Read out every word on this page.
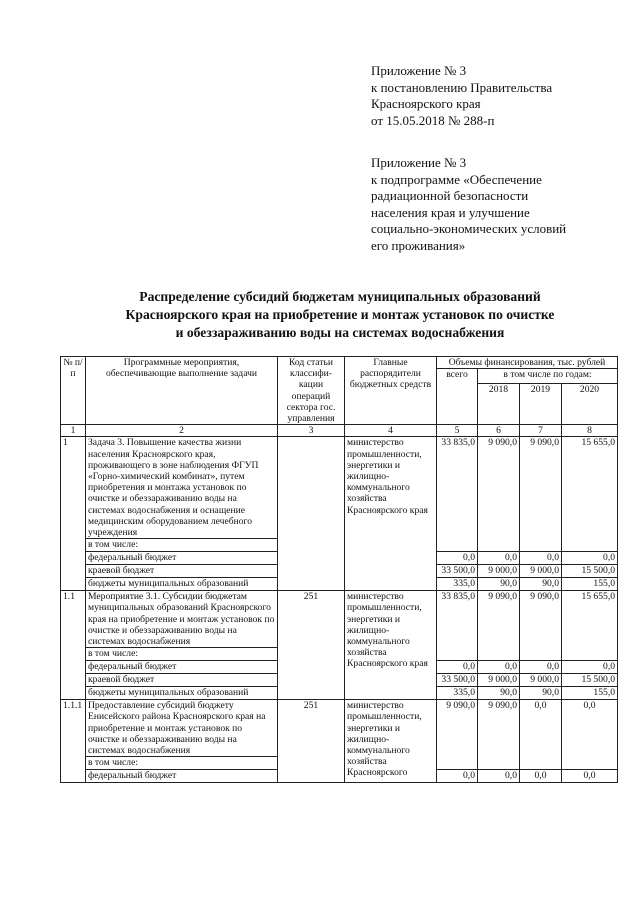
Приложение № 3
к постановлению Правительства
Красноярского края
от 15.05.2018 № 288-п
Приложение № 3
к подпрограмме «Обеспечение
радиационной безопасности
населения края и улучшение
социально-экономических условий
его проживания»
Распределение субсидий бюджетам муниципальных образований
Красноярского края на приобретение и монтаж установок по очистке
и обеззараживанию воды на системах водоснабжения
№ п/п	Программные мероприятия, обеспечивающие выполнение задачи	Код статьи классифи- кации операций сектора гос. управления	Главные распорядители бюджетных средств	Объемы финансирования, тыс. рублей			
				всего	в том числе по годам:		
					2018	2019	2020
1	2	3	4	5	6	7	8
1	Задача 3. Повышение качества жизни населения Красноярского края, проживающего в зоне наблюдения ФГУП «Горно-химический комбинат», путем приобретения и монтажа установок по очистке и обеззараживанию воды на системах водоснабжения и оснащение медицинским оборудованием лечебного учреждения		министерство промышленности, энергетики и жилищно-коммунального хозяйства Красноярского края	33 835,0	9 090,0	9 090,0	15 655,0
	в том числе:						
	федеральный бюджет			0,0	0,0	0,0	0,0
	краевой бюджет			33 500,0	9 000,0	9 000,0	15 500,0
	бюджеты муниципальных образований			335,0	90,0	90,0	155,0
1.1	Мероприятие 3.1. Субсидии бюджетам муниципальных образований Красноярского края на приобретение и монтаж установок по очистке и обеззараживанию воды на системах водоснабжения	251	министерство промышленности, энергетики и жилищно-коммунального хозяйства Красноярского края	33 835,0	9 090,0	9 090,0	15 655,0
	в том числе:						
	федеральный бюджет			0,0	0,0	0,0	0,0
	краевой бюджет			33 500,0	9 000,0	9 000,0	15 500,0
	бюджеты муниципальных образований			335,0	90,0	90,0	155,0
1.1.1	Предоставление субсидий бюджету Енисейского района Красноярского края на приобретение и монтаж установок по очистке и обеззараживанию воды на системах водоснабжения	251	министерство промышленности, энергетики и жилищно-коммунального хозяйства Красноярского	9 090,0	9 090,0	0,0	0,0
	в том числе:						
	федеральный бюджет			0,0	0,0	0,0	0,0
